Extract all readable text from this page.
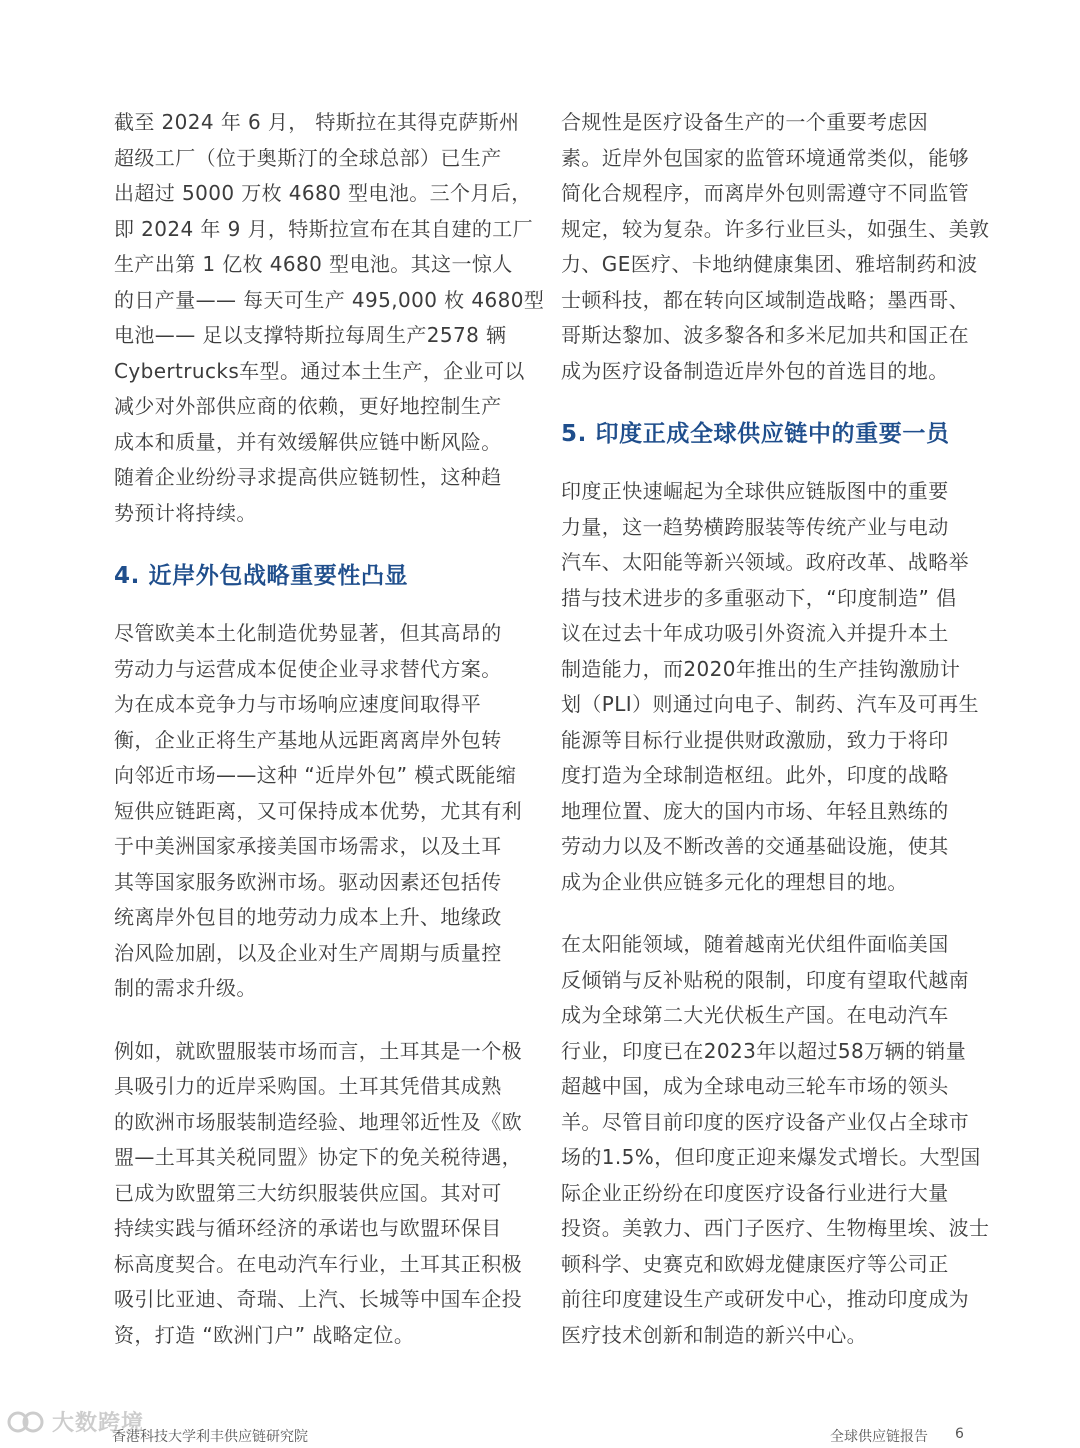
截至 2024 年 6 月， 特斯拉在其得克萨斯州
超级工厂（位于奥斯汀的全球总部）已生产
出超过 5000 万枚 4680 型电池。三个月后，
即 2024 年 9 月，特斯拉宣布在其自建的工厂
生产出第 1 亿枚 4680 型电池。其这一惊人
的日产量—— 每天可生产 495,000 枚 4680型
电池—— 足以支撑特斯拉每周生产2578 辆
Cybertrucks车型。通过本土生产，企业可以
减少对外部供应商的依赖，更好地控制生产
成本和质量，并有效缓解供应链中断风险。
随着企业纷纷寻求提高供应链韧性，这种趋
势预计将持续。

4. 近岸外包战略重要性凸显

尽管欧美本土化制造优势显著，但其高昂的
劳动力与运营成本促使企业寻求替代方案。
为在成本竞争力与市场响应速度间取得平
衡，企业正将生产基地从远距离离岸外包转
向邻近市场——这种 “近岸外包” 模式既能缩
短供应链距离，又可保持成本优势，尤其有利
于中美洲国家承接美国市场需求，以及土耳
其等国家服务欧洲市场。驱动因素还包括传
统离岸外包目的地劳动力成本上升、地缘政
治风险加剧，以及企业对生产周期与质量控
制的需求升级。

例如，就欧盟服装市场而言，土耳其是一个极
具吸引力的近岸采购国。土耳其凭借其成熟
的欧洲市场服装制造经验、地理邻近性及《欧
盟—土耳其关税同盟》协定下的免关税待遇，
已成为欧盟第三大纺织服装供应国。其对可
持续实践与循环经济的承诺也与欧盟环保目
标高度契合。在电动汽车行业，土耳其正积极
吸引比亚迪、奇瑞、上汽、长城等中国车企投
资，打造 “欧洲门户” 战略定位。

合规性是医疗设备生产的一个重要考虑因
素。近岸外包国家的监管环境通常类似，能够
简化合规程序，而离岸外包则需遵守不同监管
规定，较为复杂。许多行业巨头，如强生、美敦
力、GE医疗、卡地纳健康集团、雅培制药和波
士顿科技，都在转向区域制造战略；墨西哥、
哥斯达黎加、波多黎各和多米尼加共和国正在
成为医疗设备制造近岸外包的首选目的地。

5. 印度正成全球供应链中的重要一员

印度正快速崛起为全球供应链版图中的重要
力量，这一趋势横跨服装等传统产业与电动
汽车、太阳能等新兴领域。政府改革、战略举
措与技术进步的多重驱动下，“印度制造” 倡
议在过去十年成功吸引外资流入并提升本土
制造能力，而2020年推出的生产挂钩激励计
划（PLI）则通过向电子、制药、汽车及可再生
能源等目标行业提供财政激励，致力于将印
度打造为全球制造枢纽。此外，印度的战略
地理位置、庞大的国内市场、年轻且熟练的
劳动力以及不断改善的交通基础设施，使其
成为企业供应链多元化的理想目的地。

在太阳能领域，随着越南光伏组件面临美国
反倾销与反补贴税的限制，印度有望取代越南
成为全球第二大光伏板生产国。在电动汽车
行业，印度已在2023年以超过58万辆的销量
超越中国，成为全球电动三轮车市场的领头
羊。尽管目前印度的医疗设备产业仅占全球市
场的1.5%，但印度正迎来爆发式增长。大型国
际企业正纷纷在印度医疗设备行业进行大量
投资。美敦力、西门子医疗、生物梅里埃、波士
顿科学、史赛克和欧姆龙健康医疗等公司正
前往印度建设生产或研发中心，推动印度成为
医疗技术创新和制造的新兴中心。

大数跨境
香港科技大学利丰供应链研究院	全球供应链报告 6
